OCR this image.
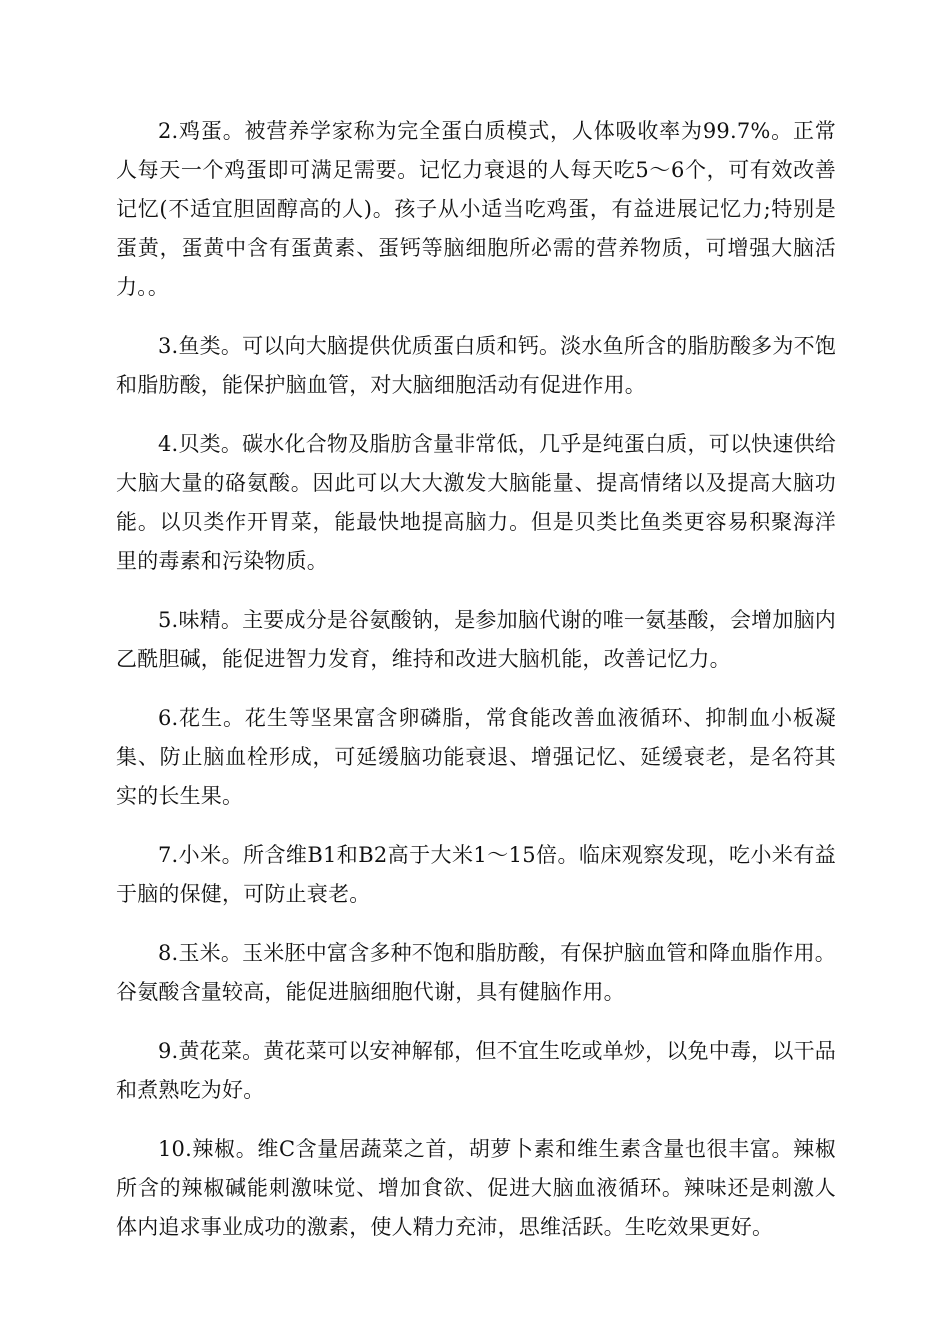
2.鸡蛋。被营养学家称为完全蛋白质模式，人体吸收率为99.7%。正常人每天一个鸡蛋即可满足需要。记忆力衰退的人每天吃5～6个，可有效改善记忆(不适宜胆固醇高的人)。孩子从小适当吃鸡蛋，有益进展记忆力;特别是蛋黄，蛋黄中含有蛋黄素、蛋钙等脑细胞所必需的营养物质，可增强大脑活力。。

3.鱼类。可以向大脑提供优质蛋白质和钙。淡水鱼所含的脂肪酸多为不饱和脂肪酸，能保护脑血管，对大脑细胞活动有促进作用。

4.贝类。碳水化合物及脂肪含量非常低，几乎是纯蛋白质，可以快速供给大脑大量的硌氨酸。因此可以大大激发大脑能量、提高情绪以及提高大脑功能。以贝类作开胃菜，能最快地提高脑力。但是贝类比鱼类更容易积聚海洋里的毒素和污染物质。

5.味精。主要成分是谷氨酸钠，是参加脑代谢的唯一氨基酸，会增加脑内乙酰胆碱，能促进智力发育，维持和改进大脑机能，改善记忆力。

6.花生。花生等坚果富含卵磷脂，常食能改善血液循环、抑制血小板凝集、防止脑血栓形成，可延缓脑功能衰退、增强记忆、延缓衰老，是名符其实的长生果。

7.小米。所含维B1和B2高于大米1～15倍。临床观察发现，吃小米有益于脑的保健，可防止衰老。

8.玉米。玉米胚中富含多种不饱和脂肪酸，有保护脑血管和降血脂作用。谷氨酸含量较高，能促进脑细胞代谢，具有健脑作用。

9.黄花菜。黄花菜可以安神解郁，但不宜生吃或单炒，以免中毒，以干品和煮熟吃为好。

10.辣椒。维C含量居蔬菜之首，胡萝卜素和维生素含量也很丰富。辣椒所含的辣椒碱能刺激味觉、增加食欲、促进大脑血液循环。辣味还是刺激人体内追求事业成功的激素，使人精力充沛，思维活跃。生吃效果更好。
